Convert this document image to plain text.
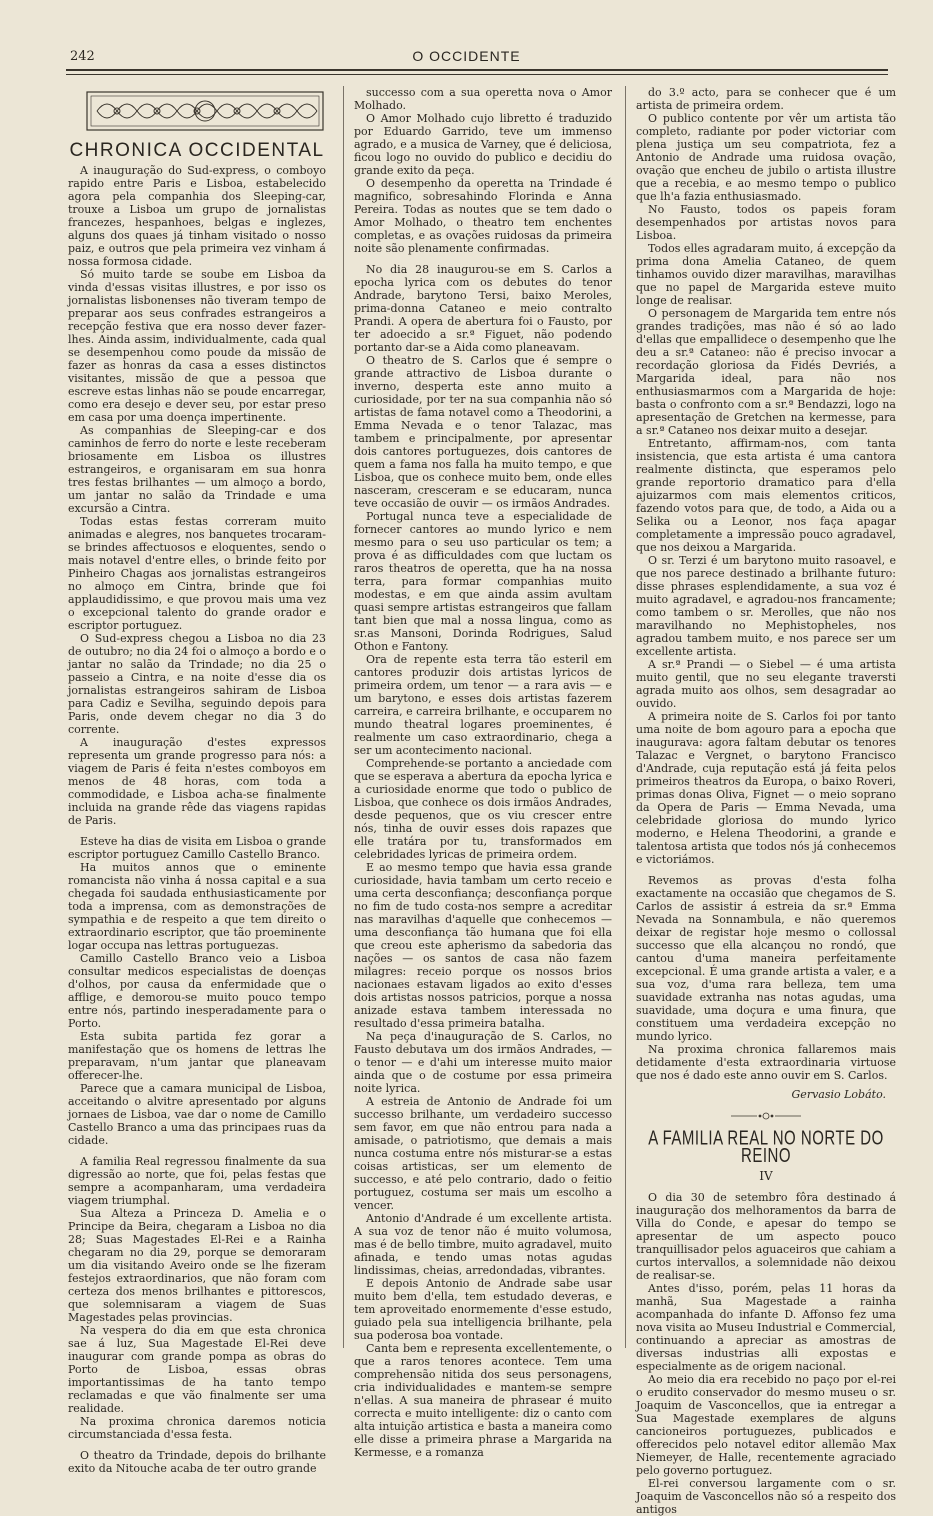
242	O OCCIDENTE
CHRONICA OCCIDENTAL

A inauguração do Sud-express, o comboyo rapido entre Paris e Lisboa, estabelecido agora pela companhia dos Sleeping-car, trouxe a Lisboa um grupo de jornalistas francezes, hespanhoes, belgas e inglezes, alguns dos quaes já tinham visitado o nosso paiz, e outros que pela primeira vez vinham á nossa formosa cidade.

Só muito tarde se soube em Lisboa da vinda d'essas visitas illustres, e por isso os jornalistas lisbonenses não tiveram tempo de preparar aos seus confrades estrangeiros a recepção festiva que era nosso dever fazer-lhes. Ainda assim, individualmente, cada qual se desempenhou como poude da missão de fazer as honras da casa a esses distinctos visitantes, missão de que a pessoa que escreve estas linhas não se poude encarregar, como era desejo e dever seu, por estar preso em casa por uma doença impertinente.

As companhias de Sleeping-car e dos caminhos de ferro do norte e leste receberam briosamente em Lisboa os illustres estrangeiros, e organisaram em sua honra tres festas brilhantes — um almoço a bordo, um jantar no salão da Trindade e uma excursão a Cintra.

Todas estas festas correram muito animadas e alegres, nos banquetes trocaram-se brindes affectuosos e eloquentes, sendo o mais notavel d'entre elles, o brinde feito por Pinheiro Chagas aos jornalistas estrangeiros no almoço em Cintra, brinde que foi applaudidissimo, e que provou mais uma vez o excepcional talento do grande orador e escriptor portuguez.

O Sud-express chegou a Lisboa no dia 23 de outubro; no dia 24 foi o almoço a bordo e o jantar no salão da Trindade; no dia 25 o passeio a Cintra, e na noite d'esse dia os jornalistas estrangeiros sahiram de Lisboa para Cadiz e Sevilha, seguindo depois para Paris, onde devem chegar no dia 3 do corrente.

A inauguração d'estes expressos representa um grande progresso para nós: a viagem de Paris é feita n'estes comboyos em menos de 48 horas, com toda a commodidade, e Lisboa acha-se finalmente incluida na grande rêde das viagens rapidas de Paris.

Esteve ha dias de visita em Lisboa o grande escriptor portuguez Camillo Castello Branco.

Ha muitos annos que o eminente romancista não vinha á nossa capital e a sua chegada foi saudada enthusiasticamente por toda a imprensa, com as demonstrações de sympathia e de respeito a que tem direito o extraordinario escriptor, que tão proeminente logar occupa nas lettras portuguezas.

Camillo Castello Branco veio a Lisboa consultar medicos especialistas de doenças d'olhos, por causa da enfermidade que o afflige, e demorou-se muito pouco tempo entre nós, partindo inesperadamente para o Porto.

Esta subita partida fez gorar a manifestação que os homens de lettras lhe preparavam, n'um jantar que planeavam offerecer-lhe.

Parece que a camara municipal de Lisboa, acceitando o alvitre apresentado por alguns jornaes de Lisboa, vae dar o nome de Camillo Castello Branco a uma das principaes ruas da cidade.

A familia Real regressou finalmente da sua digressão ao norte, que foi, pelas festas que sempre a acompanharam, uma verdadeira viagem triumphal.

Sua Alteza a Princeza D. Amelia e o Principe da Beira, chegaram a Lisboa no dia 28; Suas Magestades El-Rei e a Rainha chegaram no dia 29, porque se demoraram um dia visitando Aveiro onde se lhe fizeram festejos extraordinarios, que não foram com certeza dos menos brilhantes e pittorescos, que solemnisaram a viagem de Suas Magestades pelas provincias.

Na vespera do dia em que esta chronica sae á luz, Sua Magestade El-Rei deve inaugurar com grande pompa as obras do Porto de Lisboa, essas obras importantissimas de ha tanto tempo reclamadas e que vão finalmente ser uma realidade.

Na proxima chronica daremos noticia circumstanciada d'essa festa.

O theatro da Trindade, depois do brilhante exito da Nitouche acaba de ter outro grande

successo com a sua operetta nova o Amor Molhado.

O Amor Molhado cujo libretto é traduzido por Eduardo Garrido, teve um immenso agrado, e a musica de Varney, que é deliciosa, ficou logo no ouvido do publico e decidiu do grande exito da peça.

O desempenho da operetta na Trindade é magnifico, sobresahindo Florinda e Anna Pereira. Todas as noutes que se tem dado o Amor Molhado, o theatro tem enchentes completas, e as ovações ruidosas da primeira noite são plenamente confirmadas.

No dia 28 inaugurou-se em S. Carlos a epocha lyrica com os debutes do tenor Andrade, barytono Tersi, baixo Meroles, prima-donna Cataneo e meio contralto Prandi. A opera de abertura foi o Fausto, por ter adoecido a sr.ª Figuet, não podendo portanto dar-se a Aida como planeavam.

O theatro de S. Carlos que é sempre o grande attractivo de Lisboa durante o inverno, desperta este anno muito a curiosidade, por ter na sua companhia não só artistas de fama notavel como a Theodorini, a Emma Nevada e o tenor Talazac, mas tambem e principalmente, por apresentar dois cantores portuguezes, dois cantores de quem a fama nos falla ha muito tempo, e que Lisboa, que os conhece muito bem, onde elles nasceram, cresceram e se educaram, nunca teve occasião de ouvir — os irmãos Andrades.

Portugal nunca teve a especialidade de fornecer cantores ao mundo lyrico e nem mesmo para o seu uso particular os tem; a prova é as difficuldades com que luctam os raros theatros de operetta, que ha na nossa terra, para formar companhias muito modestas, e em que ainda assim avultam quasi sempre artistas estrangeiros que fallam tant bien que mal a nossa lingua, como as sr.as Mansoni, Dorinda Rodrigues, Salud Othon e Fantony.

Ora de repente esta terra tão esteril em cantores produzir dois artistas lyricos de primeira ordem, um tenor — a rara avis — e um barytono, e esses dois artistas fazerem carreira, e carreira brilhante, e occuparem no mundo theatral logares proeminentes, é realmente um caso extraordinario, chega a ser um acontecimento nacional.

Comprehende-se portanto a anciedade com que se esperava a abertura da epocha lyrica e a curiosidade enorme que todo o publico de Lisboa, que conhece os dois irmãos Andrades, desde pequenos, que os viu crescer entre nós, tinha de ouvir esses dois rapazes que elle tratára por tu, transformados em celebridades lyricas de primeira ordem.

E ao mesmo tempo que havia essa grande curiosidade, havia tambam um certo receio e uma certa desconfiança; desconfiança porque no fim de tudo costa-nos sempre a acreditar nas maravilhas d'aquelle que conhecemos — uma desconfiança tão humana que foi ella que creou este apherismo da sabedoria das nações — os santos de casa não fazem milagres: receio porque os nossos brios nacionaes estavam ligados ao exito d'esses dois artistas nossos patricios, porque a nossa anizade estava tambem interessada no resultado d'essa primeira batalha.

Na peça d'inauguração de S. Carlos, no Fausto debutava um dos irmãos Andrades, — o tenor — e d'ahi um interesse muito maior ainda que o de costume por essa primeira noite lyrica.

A estreia de Antonio de Andrade foi um successo brilhante, um verdadeiro successo sem favor, em que não entrou para nada a amisade, o patriotismo, que demais a mais nunca costuma entre nós misturar-se a estas coisas artisticas, ser um elemento de successo, e até pelo contrario, dado o feitio portuguez, costuma ser mais um escolho a vencer.

Antonio d'Andrade é um excellente artista. A sua voz de tenor não é muito volumosa, mas é de bello timbre, muito agradavel, muito afinada, e tendo umas notas agudas lindissimas, cheias, arredondadas, vibrantes.

E depois Antonio de Andrade sabe usar muito bem d'ella, tem estudado deveras, e tem aproveitado enormemente d'esse estudo, guiado pela sua intelligencia brilhante, pela sua poderosa boa vontade.

Canta bem e representa excellentemente, o que a raros tenores acontece. Tem uma comprehensão nitida dos seus personagens, cria individualidades e mantem-se sempre n'ellas. A sua maneira de phrasear é muito correcta e muito intelligente: diz o canto com alta intuição artistica e basta a maneira como elle disse a primeira phrase a Margarida na Kermesse, e a romanza

do 3.º acto, para se conhecer que é um artista de primeira ordem.

O publico contente por vêr um artista tão completo, radiante por poder victoriar com plena justiça um seu compatriota, fez a Antonio de Andrade uma ruidosa ovação, ovação que encheu de jubilo o artista illustre que a recebia, e ao mesmo tempo o publico que lh'a fazia enthusiasmado.

No Fausto, todos os papeis foram desempenhados por artistas novos para Lisboa.

Todos elles agradaram muito, á excepção da prima dona Amelia Cataneo, de quem tinhamos ouvido dizer maravilhas, maravilhas que no papel de Margarida esteve muito longe de realisar.

O personagem de Margarida tem entre nós grandes tradições, mas não é só ao lado d'ellas que empallidece o desempenho que lhe deu a sr.ª Cataneo: não é preciso invocar a recordação gloriosa da Fidés Devriés, a Margarida ideal, para não nos enthusiasmarmos com a Margarida de hoje: basta o confronto com a sr.ª Bendazzi, logo na apresentação de Gretchen na kermesse, para a sr.ª Cataneo nos deixar muito a desejar.

Entretanto, affirmam-nos, com tanta insistencia, que esta artista é uma cantora realmente distincta, que esperamos pelo grande reportorio dramatico para d'ella ajuizarmos com mais elementos criticos, fazendo votos para que, de todo, a Aida ou a Selika ou a Leonor, nos faça apagar completamente a impressão pouco agradavel, que nos deixou a Margarida.

O sr. Terzi é um barytono muito rasoavel, e que nos parece destinado a brilhante futuro: disse phrases esplendidamente, a sua voz é muito agradavel, e agradou-nos francamente; como tambem o sr. Merolles, que não nos maravilhando no Mephistopheles, nos agradou tambem muito, e nos parece ser um excellente artista.

A sr.ª Prandi — o Siebel — é uma artista muito gentil, que no seu elegante traversti agrada muito aos olhos, sem desagradar ao ouvido.

A primeira noite de S. Carlos foi por tanto uma noite de bom agouro para a epocha que inaugurava: agora faltam debutar os tenores Talazac e Vergnet, o barytono Francisco d'Andrade, cuja reputação está já feita pelos primeiros theatros da Europa, o baixo Roveri, primas donas Oliva, Fignet — o meio soprano da Opera de Paris — Emma Nevada, uma celebridade gloriosa do mundo lyrico moderno, e Helena Theodorini, a grande e talentosa artista que todos nós já conhecemos e victoriámos.

Revemos as provas d'esta folha exactamente na occasião que chegamos de S. Carlos de assistir á estreia da sr.ª Emma Nevada na Sonnambula, e não queremos deixar de registar hoje mesmo o collossal successo que ella alcançou no rondó, que cantou d'uma maneira perfeitamente excepcional. É uma grande artista a valer, e a sua voz, d'uma rara belleza, tem uma suavidade extranha nas notas agudas, uma suavidade, uma doçura e uma finura, que constituem uma verdadeira excepção no mundo lyrico.

Na proxima chronica fallaremos mais detidamente d'esta extraordinaria virtuose que nos é dado este anno ouvir em S. Carlos.

Gervasio Lobáto.

A FAMILIA REAL NO NORTE DO REINO
IV

O dia 30 de setembro fôra destinado á inauguração dos melhoramentos da barra de Villa do Conde, e apesar do tempo se apresentar de um aspecto pouco tranquillisador pelos aguaceiros que cahiam a curtos intervallos, a solemnidade não deixou de realisar-se.

Antes d'isso, porém, pelas 11 horas da manhã, Sua Magestade a rainha acompanhada do infante D. Affonso fez uma nova visita ao Museu Industrial e Commercial, continuando a apreciar as amostras de diversas industrias alli expostas e especialmente as de origem nacional.

Ao meio dia era recebido no paço por el-rei o erudito conservador do mesmo museu o sr. Joaquim de Vasconcellos, que ia entregar a Sua Magestade exemplares de alguns cancioneiros portuguezes, publicados e offerecidos pelo notavel editor allemão Max Niemeyer, de Halle, recentemente agraciado pelo governo portuguez.

El-rei conversou largamente com o sr. Joaquim de Vasconcellos não só a respeito dos antigos
